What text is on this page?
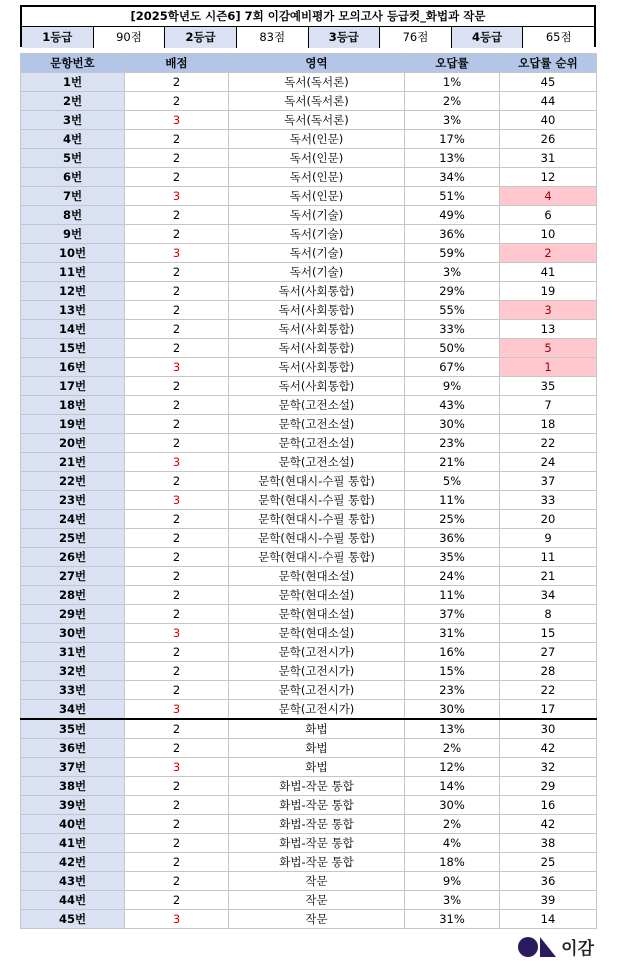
[2025학년도 시즌6] 7회 이감예비평가 모의고사 등급컷_화법과 작문
1등급	90점	2등급	83점	3등급	76점	4등급	65점
문항번호	배점	영역	오답률	오답률 순위
1번	2	독서(독서론)	1%	45
2번	2	독서(독서론)	2%	44
3번	3	독서(독서론)	3%	40
4번	2	독서(인문)	17%	26
5번	2	독서(인문)	13%	31
6번	2	독서(인문)	34%	12
7번	3	독서(인문)	51%	4
8번	2	독서(기술)	49%	6
9번	2	독서(기술)	36%	10
10번	3	독서(기술)	59%	2
11번	2	독서(기술)	3%	41
12번	2	독서(사회통합)	29%	19
13번	2	독서(사회통합)	55%	3
14번	2	독서(사회통합)	33%	13
15번	2	독서(사회통합)	50%	5
16번	3	독서(사회통합)	67%	1
17번	2	독서(사회통합)	9%	35
18번	2	문학(고전소설)	43%	7
19번	2	문학(고전소설)	30%	18
20번	2	문학(고전소설)	23%	22
21번	3	문학(고전소설)	21%	24
22번	2	문학(현대시-수필 통합)	5%	37
23번	3	문학(현대시-수필 통합)	11%	33
24번	2	문학(현대시-수필 통합)	25%	20
25번	2	문학(현대시-수필 통합)	36%	9
26번	2	문학(현대시-수필 통합)	35%	11
27번	2	문학(현대소설)	24%	21
28번	2	문학(현대소설)	11%	34
29번	2	문학(현대소설)	37%	8
30번	3	문학(현대소설)	31%	15
31번	2	문학(고전시가)	16%	27
32번	2	문학(고전시가)	15%	28
33번	2	문학(고전시가)	23%	22
34번	3	문학(고전시가)	30%	17
35번	2	화법	13%	30
36번	2	화법	2%	42
37번	3	화법	12%	32
38번	2	화법-작문 통합	14%	29
39번	2	화법-작문 통합	30%	16
40번	2	화법-작문 통합	2%	42
41번	2	화법-작문 통합	4%	38
42번	2	화법-작문 통합	18%	25
43번	2	작문	9%	36
44번	2	작문	3%	39
45번	3	작문	31%	14
이감
